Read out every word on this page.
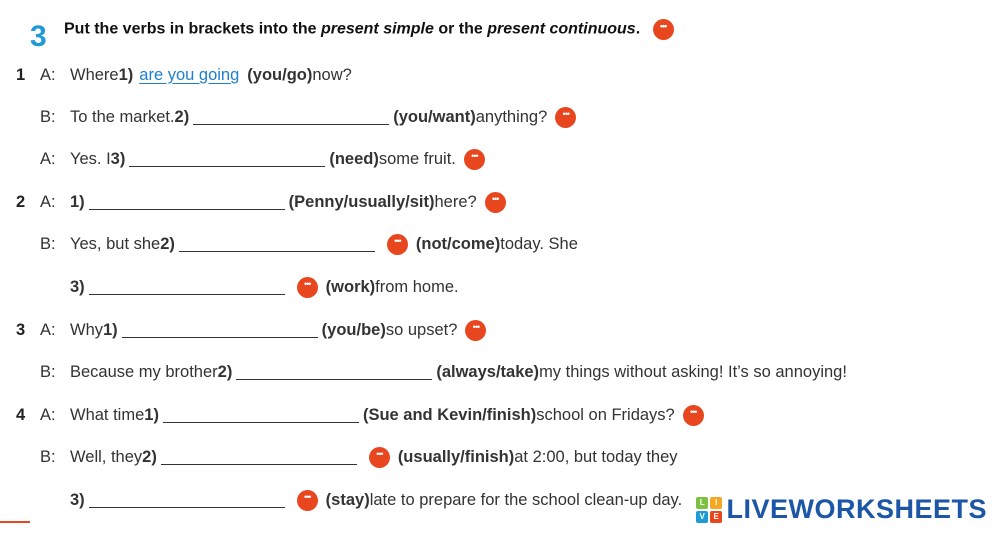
3 Put the verbs in brackets into the present simple or the present continuous. •••
1 A: Where 1) are you going (you/go) now?
B: To the market. 2)	(you/want) anything?
•••
A: Yes. I 3)	(need) some fruit.
•••
2 A: 1)	(Penny/usually/sit) here?
•••
B: Yes, but she 2) •••	(not/come) today. She
3) •••	(work) from home.
3 A: Why 1)	(you/be) so upset?
•••
B: Because my brother 2)	(always/take) my things without asking! It’s so annoying!
4 A: What time 1)	(Sue and Kevin/finish) school on Fridays?
•••
B: Well, they 2) •••	(usually/finish) at 2:00, but today they
3) •••	(stay) late to prepare for the school clean-up day.	L	I
V	E LIVEWORKSHEETS
